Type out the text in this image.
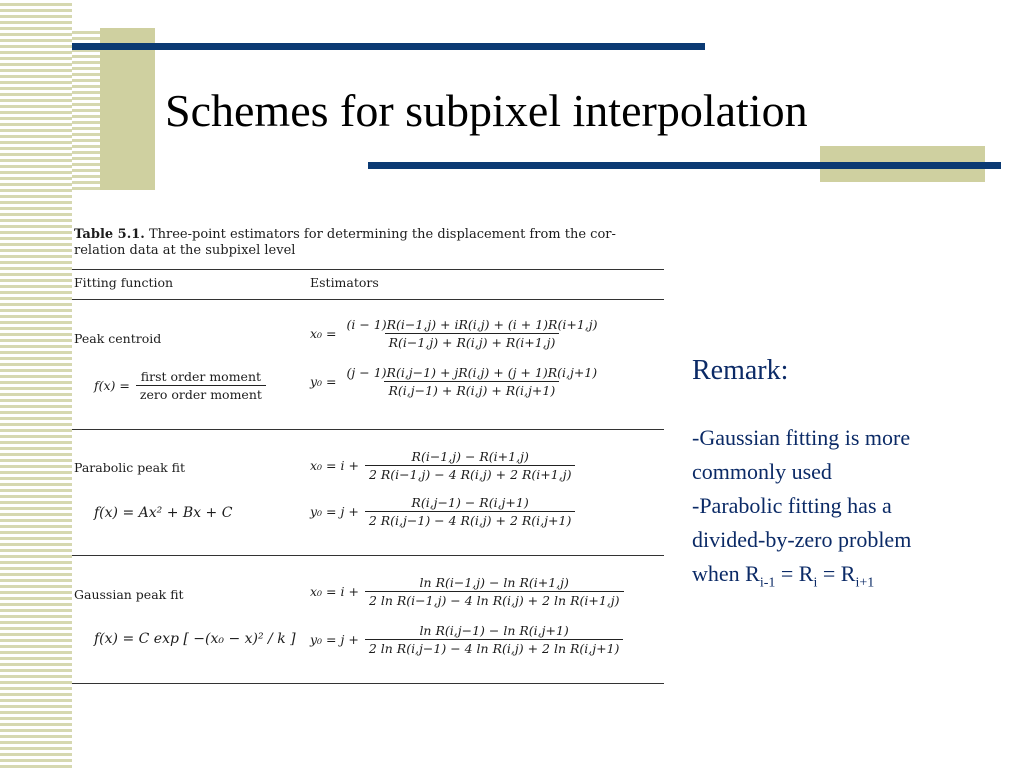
Schemes for subpixel interpolation
Table 5.1. Three-point estimators for determining the displacement from the cor-relation data at the subpixel level
Fitting function	Estimators
Peak centroid
$f(x) = \frac{\text{first order moment}}{\text{zero order moment}}$
$x_0 = \frac{(i - 1)R(i-1,j) + iR(i,j) + (i + 1)R(i+1,j)}{R(i-1,j) + R(i,j) + R(i+1,j)}$
$y_0 = \frac{(j - 1)R(i,j-1) + jR(i,j) + (j + 1)R(i,j+1)}{R(i,j-1) + R(i,j) + R(i,j+1)}$
Parabolic peak fit
f(x) = Ax² + Bx + C
$x_0 = i + \frac{R(i-1,j) - R(i+1,j)}{2 R(i-1,j) - 4 R(i,j) + 2 R(i+1,j)}$
$y_0 = j + \frac{R(i,j-1) - R(i,j+1)}{2 R(i,j-1) - 4 R(i,j) + 2 R(i,j+1)}$
Gaussian peak fit
f(x) = C exp [ −(x₀ − x)² / k ]
$x_0 = i + \frac{\text{ln R(i−1,j) − ln R(i+1,j)}}{\text{2 ln R(i−1,j) − 4 ln R(i,j) + 2 ln R(i+1,j)}}$
$y_0 = j + \frac{\text{ln R(i,j−1) − ln R(i,j+1)}}{\text{2 ln R(i,j−1) − 4 ln R(i,j) + 2 ln R(i,j+1)}}$
Remark:
-Gaussian fitting is more
commonly used
-Parabolic fitting has a
divided-by-zero problem
when $R_{i-1} = R_i = R_{i+1}$
